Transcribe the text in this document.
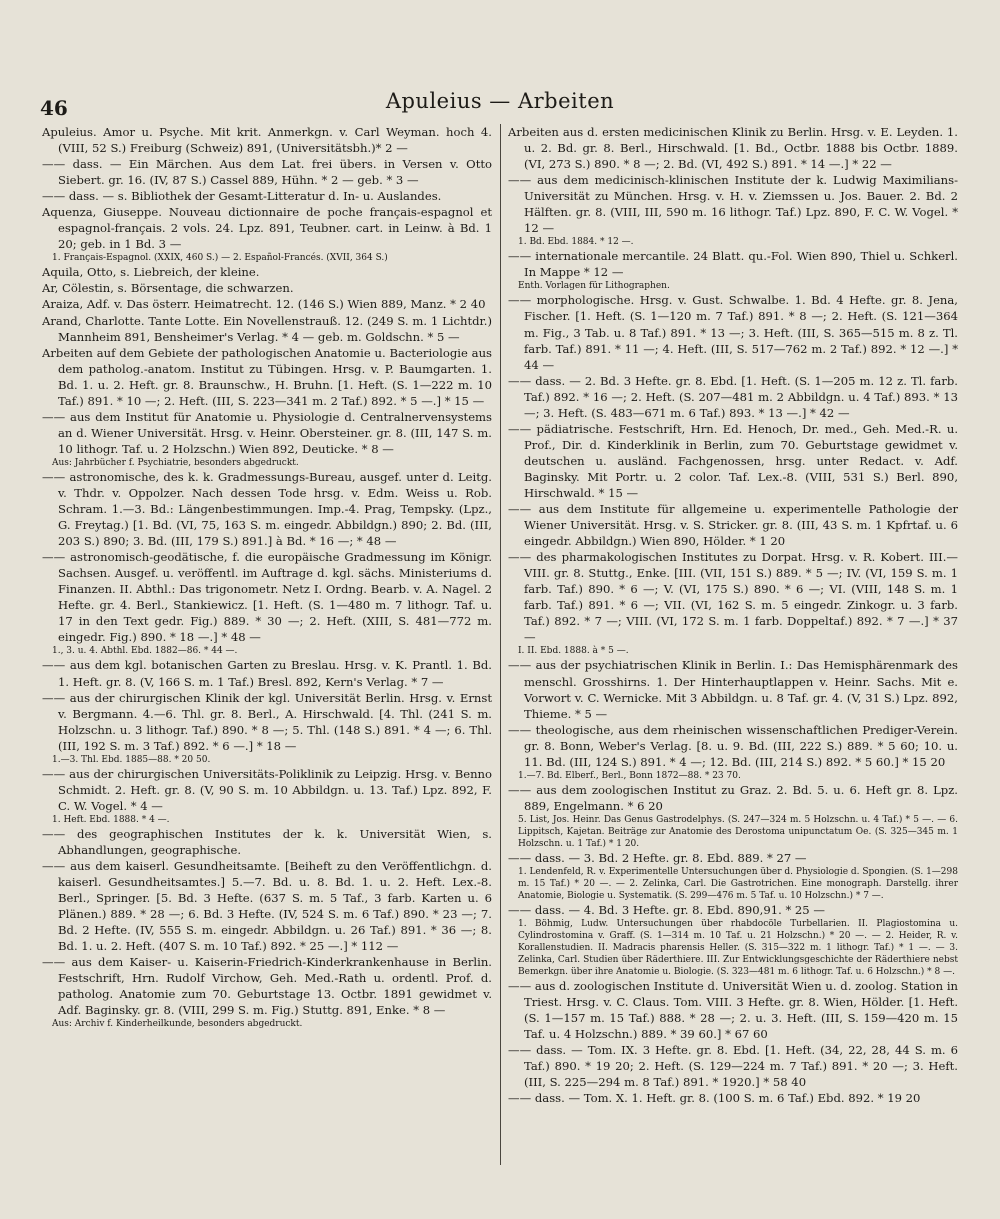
46	Apuleius — Arbeiten

Apuleius. Amor u. Psyche. Mit krit. Anmerkgn. v. Carl Weyman. hoch 4. (VIII, 52 S.) Freiburg (Schweiz) 891, (Universitätsbh.)* 2 —

—— dass. — Ein Märchen. Aus dem Lat. frei übers. in Versen v. Otto Siebert. gr. 16. (IV, 87 S.) Cassel 889, Hühn. * 2 — geb. * 3 —

—— dass. — s. Bibliothek der Gesamt-Litteratur d. In- u. Auslandes.

Aquenza, Giuseppe. Nouveau dictionnaire de poche français-espagnol et espagnol-français. 2 vols. 24. Lpz. 891, Teubner. cart. in Leinw. à Bd. 1 20; geb. in 1 Bd. 3 —

1. Français-Espagnol. (XXIX, 460 S.) — 2. Español-Francés. (XVII, 364 S.)

Aquila, Otto, s. Liebreich, der kleine.

Ar, Cölestin, s. Börsentage, die schwarzen.

Araiza, Adf. v. Das österr. Heimatrecht. 12. (146 S.) Wien 889, Manz. * 2 40

Arand, Charlotte. Tante Lotte. Ein Novellenstrauß. 12. (249 S. m. 1 Lichtdr.) Mannheim 891, Bensheimer's Verlag. * 4 — geb. m. Goldschn. * 5 —

Arbeiten auf dem Gebiete der pathologischen Anatomie u. Bacteriologie aus dem patholog.-anatom. Institut zu Tübingen. Hrsg. v. P. Baumgarten. 1. Bd. 1. u. 2. Heft. gr. 8. Braunschw., H. Bruhn. [1. Heft. (S. 1—222 m. 10 Taf.) 891. * 10 —; 2. Heft. (III, S. 223—341 m. 2 Taf.) 892. * 5 —.] * 15 —

—— aus dem Institut für Anatomie u. Physiologie d. Centralnervensystems an d. Wiener Universität. Hrsg. v. Heinr. Obersteiner. gr. 8. (III, 147 S. m. 10 lithogr. Taf. u. 2 Holzschn.) Wien 892, Deuticke. * 8 —

Aus: Jahrbücher f. Psychiatrie, besonders abgedruckt.

—— astronomische, des k. k. Gradmessungs-Bureau, ausgef. unter d. Leitg. v. Thdr. v. Oppolzer. Nach dessen Tode hrsg. v. Edm. Weiss u. Rob. Schram. 1.—3. Bd.: Längenbestimmungen. Imp.-4. Prag, Tempsky. (Lpz., G. Freytag.) [1. Bd. (VI, 75, 163 S. m. eingedr. Abbildgn.) 890; 2. Bd. (III, 203 S.) 890; 3. Bd. (III, 179 S.) 891.] à Bd. * 16 —; * 48 —

—— astronomisch-geodätische, f. die europäische Gradmessung im Königr. Sachsen. Ausgef. u. veröffentl. im Auftrage d. kgl. sächs. Ministeriums d. Finanzen. II. Abthl.: Das trigonometr. Netz I. Ordng. Bearb. v. A. Nagel. 2 Hefte. gr. 4. Berl., Stankiewicz. [1. Heft. (S. 1—480 m. 7 lithogr. Taf. u. 17 in den Text gedr. Fig.) 889. * 30 —; 2. Heft. (XIII, S. 481—772 m. eingedr. Fig.) 890. * 18 —.] * 48 —

1., 3. u. 4. Abthl. Ebd. 1882—86. * 44 —.

—— aus dem kgl. botanischen Garten zu Breslau. Hrsg. v. K. Prantl. 1. Bd. 1. Heft. gr. 8. (V, 166 S. m. 1 Taf.) Bresl. 892, Kern's Verlag. * 7 —

—— aus der chirurgischen Klinik der kgl. Universität Berlin. Hrsg. v. Ernst v. Bergmann. 4.—6. Thl. gr. 8. Berl., A. Hirschwald. [4. Thl. (241 S. m. Holzschn. u. 3 lithogr. Taf.) 890. * 8 —; 5. Thl. (148 S.) 891. * 4 —; 6. Thl. (III, 192 S. m. 3 Taf.) 892. * 6 —.] * 18 —

1.—3. Thl. Ebd. 1885—88. * 20 50.

—— aus der chirurgischen Universitäts-Poliklinik zu Leipzig. Hrsg. v. Benno Schmidt. 2. Heft. gr. 8. (V, 90 S. m. 10 Abbildgn. u. 13. Taf.) Lpz. 892, F. C. W. Vogel. * 4 —

1. Heft. Ebd. 1888. * 4 —.

—— des geographischen Institutes der k. k. Universität Wien, s. Abhandlungen, geographische.

—— aus dem kaiserl. Gesundheitsamte. [Beiheft zu den Veröffentlichgn. d. kaiserl. Gesundheitsamtes.] 5.—7. Bd. u. 8. Bd. 1. u. 2. Heft. Lex.-8. Berl., Springer. [5. Bd. 3 Hefte. (637 S. m. 5 Taf., 3 farb. Karten u. 6 Plänen.) 889. * 28 —; 6. Bd. 3 Hefte. (IV, 524 S. m. 6 Taf.) 890. * 23 —; 7. Bd. 2 Hefte. (IV, 555 S. m. eingedr. Abbildgn. u. 26 Taf.) 891. * 36 —; 8. Bd. 1. u. 2. Heft. (407 S. m. 10 Taf.) 892. * 25 —.] * 112 —

—— aus dem Kaiser- u. Kaiserin-Friedrich-Kinderkrankenhause in Berlin. Festschrift, Hrn. Rudolf Virchow, Geh. Med.-Rath u. ordentl. Prof. d. patholog. Anatomie zum 70. Geburtstage 13. Octbr. 1891 gewidmet v. Adf. Baginsky. gr. 8. (VIII, 299 S. m. Fig.) Stuttg. 891, Enke. * 8 —

Aus: Archiv f. Kinderheilkunde, besonders abgedruckt.

Arbeiten aus d. ersten medicinischen Klinik zu Berlin. Hrsg. v. E. Leyden. 1. u. 2. Bd. gr. 8. Berl., Hirschwald. [1. Bd., Octbr. 1888 bis Octbr. 1889. (VI, 273 S.) 890. * 8 —; 2. Bd. (VI, 492 S.) 891. * 14 —.] * 22 —

—— aus dem medicinisch-klinischen Institute der k. Ludwig Maximilians-Universität zu München. Hrsg. v. H. v. Ziemssen u. Jos. Bauer. 2. Bd. 2 Hälften. gr. 8. (VIII, III, 590 m. 16 lithogr. Taf.) Lpz. 890, F. C. W. Vogel. * 12 —

1. Bd. Ebd. 1884. * 12 —.

—— internationale mercantile. 24 Blatt. qu.-Fol. Wien 890, Thiel u. Schkerl. In Mappe * 12 —

Enth. Vorlagen für Lithographen.

—— morphologische. Hrsg. v. Gust. Schwalbe. 1. Bd. 4 Hefte. gr. 8. Jena, Fischer. [1. Heft. (S. 1—120 m. 7 Taf.) 891. * 8 —; 2. Heft. (S. 121—364 m. Fig., 3 Tab. u. 8 Taf.) 891. * 13 —; 3. Heft. (III, S. 365—515 m. 8 z. Tl. farb. Taf.) 891. * 11 —; 4. Heft. (III, S. 517—762 m. 2 Taf.) 892. * 12 —.] * 44 —

—— dass. — 2. Bd. 3 Hefte. gr. 8. Ebd. [1. Heft. (S. 1—205 m. 12 z. Tl. farb. Taf.) 892. * 16 —; 2. Heft. (S. 207—481 m. 2 Abbildgn. u. 4 Taf.) 893. * 13 —; 3. Heft. (S. 483—671 m. 6 Taf.) 893. * 13 —.] * 42 —

—— pädiatrische. Festschrift, Hrn. Ed. Henoch, Dr. med., Geh. Med.-R. u. Prof., Dir. d. Kinderklinik in Berlin, zum 70. Geburtstage gewidmet v. deutschen u. ausländ. Fachgenossen, hrsg. unter Redact. v. Adf. Baginsky. Mit Portr. u. 2 color. Taf. Lex.-8. (VIII, 531 S.) Berl. 890, Hirschwald. * 15 —

—— aus dem Institute für allgemeine u. experimentelle Pathologie der Wiener Universität. Hrsg. v. S. Stricker. gr. 8. (III, 43 S. m. 1 Kpfrtaf. u. 6 eingedr. Abbildgn.) Wien 890, Hölder. * 1 20

—— des pharmakologischen Institutes zu Dorpat. Hrsg. v. R. Kobert. III.—VIII. gr. 8. Stuttg., Enke. [III. (VII, 151 S.) 889. * 5 —; IV. (VI, 159 S. m. 1 farb. Taf.) 890. * 6 —; V. (VI, 175 S.) 890. * 6 —; VI. (VIII, 148 S. m. 1 farb. Taf.) 891. * 6 —; VII. (VI, 162 S. m. 5 eingedr. Zinkogr. u. 3 farb. Taf.) 892. * 7 —; VIII. (VI, 172 S. m. 1 farb. Doppeltaf.) 892. * 7 —.] * 37 —

I. II. Ebd. 1888. à * 5 —.

—— aus der psychiatrischen Klinik in Berlin. I.: Das Hemisphärenmark des menschl. Grosshirns. 1. Der Hinterhauptlappen v. Heinr. Sachs. Mit e. Vorwort v. C. Wernicke. Mit 3 Abbildgn. u. 8 Taf. gr. 4. (V, 31 S.) Lpz. 892, Thieme. * 5 —

—— theologische, aus dem rheinischen wissenschaftlichen Prediger-Verein. gr. 8. Bonn, Weber's Verlag. [8. u. 9. Bd. (III, 222 S.) 889. * 5 60; 10. u. 11. Bd. (III, 124 S.) 891. * 4 —; 12. Bd. (III, 214 S.) 892. * 5 60.] * 15 20

1.—7. Bd. Elberf., Berl., Bonn 1872—88. * 23 70.

—— aus dem zoologischen Institut zu Graz. 2. Bd. 5. u. 6. Heft gr. 8. Lpz. 889, Engelmann. * 6 20

5. List, Jos. Heinr. Das Genus Gastrodelphys. (S. 247—324 m. 5 Holzschn. u. 4 Taf.) * 5 —. — 6. Lippitsch, Kajetan. Beiträge zur Anatomie des Derostoma unipunctatum Oe. (S. 325—345 m. 1 Holzschn. u. 1 Taf.) * 1 20.

—— dass. — 3. Bd. 2 Hefte. gr. 8. Ebd. 889. * 27 —

1. Lendenfeld, R. v. Experimentelle Untersuchungen über d. Physiologie d. Spongien. (S. 1—298 m. 15 Taf.) * 20 —. — 2. Zelinka, Carl. Die Gastrotrichen. Eine monograph. Darstellg. ihrer Anatomie, Biologie u. Systematik. (S. 299—476 m. 5 Taf. u. 10 Holzschn.) * 7 —.

—— dass. — 4. Bd. 3 Hefte. gr. 8. Ebd. 890,91. * 25 —

1. Böhmig, Ludw. Untersuchungen über rhabdocöle Turbellarien. II. Plagiostomina u. Cylindrostomina v. Graff. (S. 1—314 m. 10 Taf. u. 21 Holzschn.) * 20 —. — 2. Heider, R. v. Korallenstudien. II. Madracis pharensis Heller. (S. 315—322 m. 1 lithogr. Taf.) * 1 —. — 3. Zelinka, Carl. Studien über Räderthiere. III. Zur Entwicklungsgeschichte der Räderthiere nebst Bemerkgn. über ihre Anatomie u. Biologie. (S. 323—481 m. 6 lithogr. Taf. u. 6 Holzschn.) * 8 —.

—— aus d. zoologischen Institute d. Universität Wien u. d. zoolog. Station in Triest. Hrsg. v. C. Claus. Tom. VIII. 3 Hefte. gr. 8. Wien, Hölder. [1. Heft. (S. 1—157 m. 15 Taf.) 888. * 28 —; 2. u. 3. Heft. (III, S. 159—420 m. 15 Taf. u. 4 Holzschn.) 889. * 39 60.] * 67 60

—— dass. — Tom. IX. 3 Hefte. gr. 8. Ebd. [1. Heft. (34, 22, 28, 44 S. m. 6 Taf.) 890. * 19 20; 2. Heft. (S. 129—224 m. 7 Taf.) 891. * 20 —; 3. Heft. (III, S. 225—294 m. 8 Taf.) 891. * 1920.] * 58 40

—— dass. — Tom. X. 1. Heft. gr. 8. (100 S. m. 6 Taf.) Ebd. 892. * 19 20
